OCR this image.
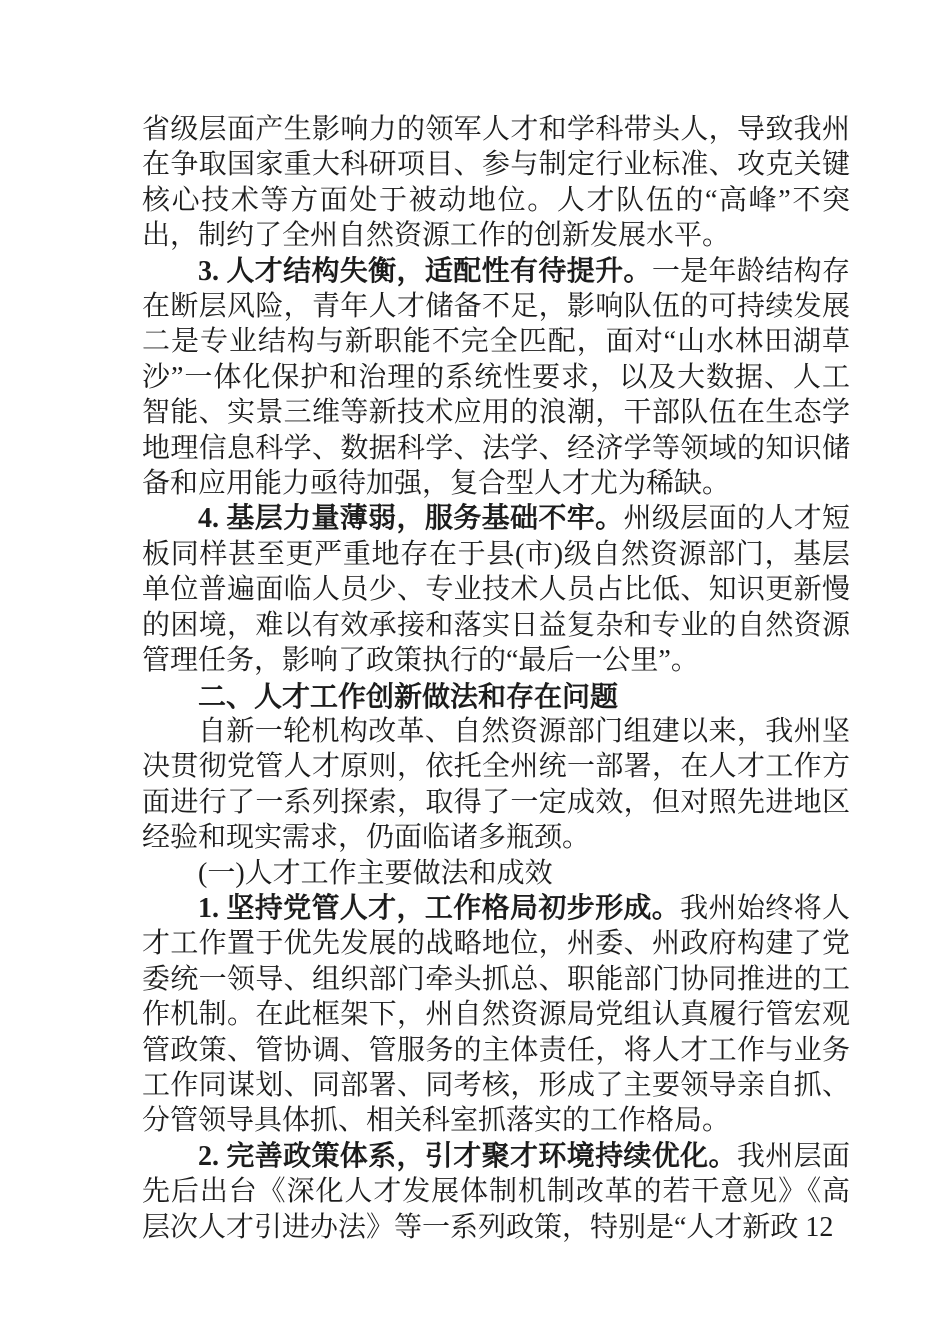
省级层面产生影响力的领军人才和学科带头人，导致我州在争取国家重大科研项目、参与制定行业标准、攻克关键核心技术等方面处于被动地位。人才队伍的“高峰”不突出，制约了全州自然资源工作的创新发展水平。

3. 人才结构失衡，适配性有待提升。一是年龄结构存在断层风险，青年人才储备不足，影响队伍的可持续发展二是专业结构与新职能不完全匹配，面对“山水林田湖草沙”一体化保护和治理的系统性要求，以及大数据、人工智能、实景三维等新技术应用的浪潮，干部队伍在生态学地理信息科学、数据科学、法学、经济学等领域的知识储备和应用能力亟待加强，复合型人才尤为稀缺。

4. 基层力量薄弱，服务基础不牢。州级层面的人才短板同样甚至更严重地存在于县(市)级自然资源部门，基层单位普遍面临人员少、专业技术人员占比低、知识更新慢的困境，难以有效承接和落实日益复杂和专业的自然资源管理任务，影响了政策执行的“最后一公里”。

二、人才工作创新做法和存在问题

自新一轮机构改革、自然资源部门组建以来，我州坚决贯彻党管人才原则，依托全州统一部署，在人才工作方面进行了一系列探索，取得了一定成效，但对照先进地区经验和现实需求，仍面临诸多瓶颈。

(一)人才工作主要做法和成效

1. 坚持党管人才，工作格局初步形成。我州始终将人才工作置于优先发展的战略地位，州委、州政府构建了党委统一领导、组织部门牵头抓总、职能部门协同推进的工作机制。在此框架下，州自然资源局党组认真履行管宏观管政策、管协调、管服务的主体责任，将人才工作与业务工作同谋划、同部署、同考核，形成了主要领导亲自抓、分管领导具体抓、相关科室抓落实的工作格局。

2. 完善政策体系，引才聚才环境持续优化。我州层面先后出台《深化人才发展体制机制改革的若干意见》《高层次人才引进办法》等一系列政策，特别是“人才新政 12
